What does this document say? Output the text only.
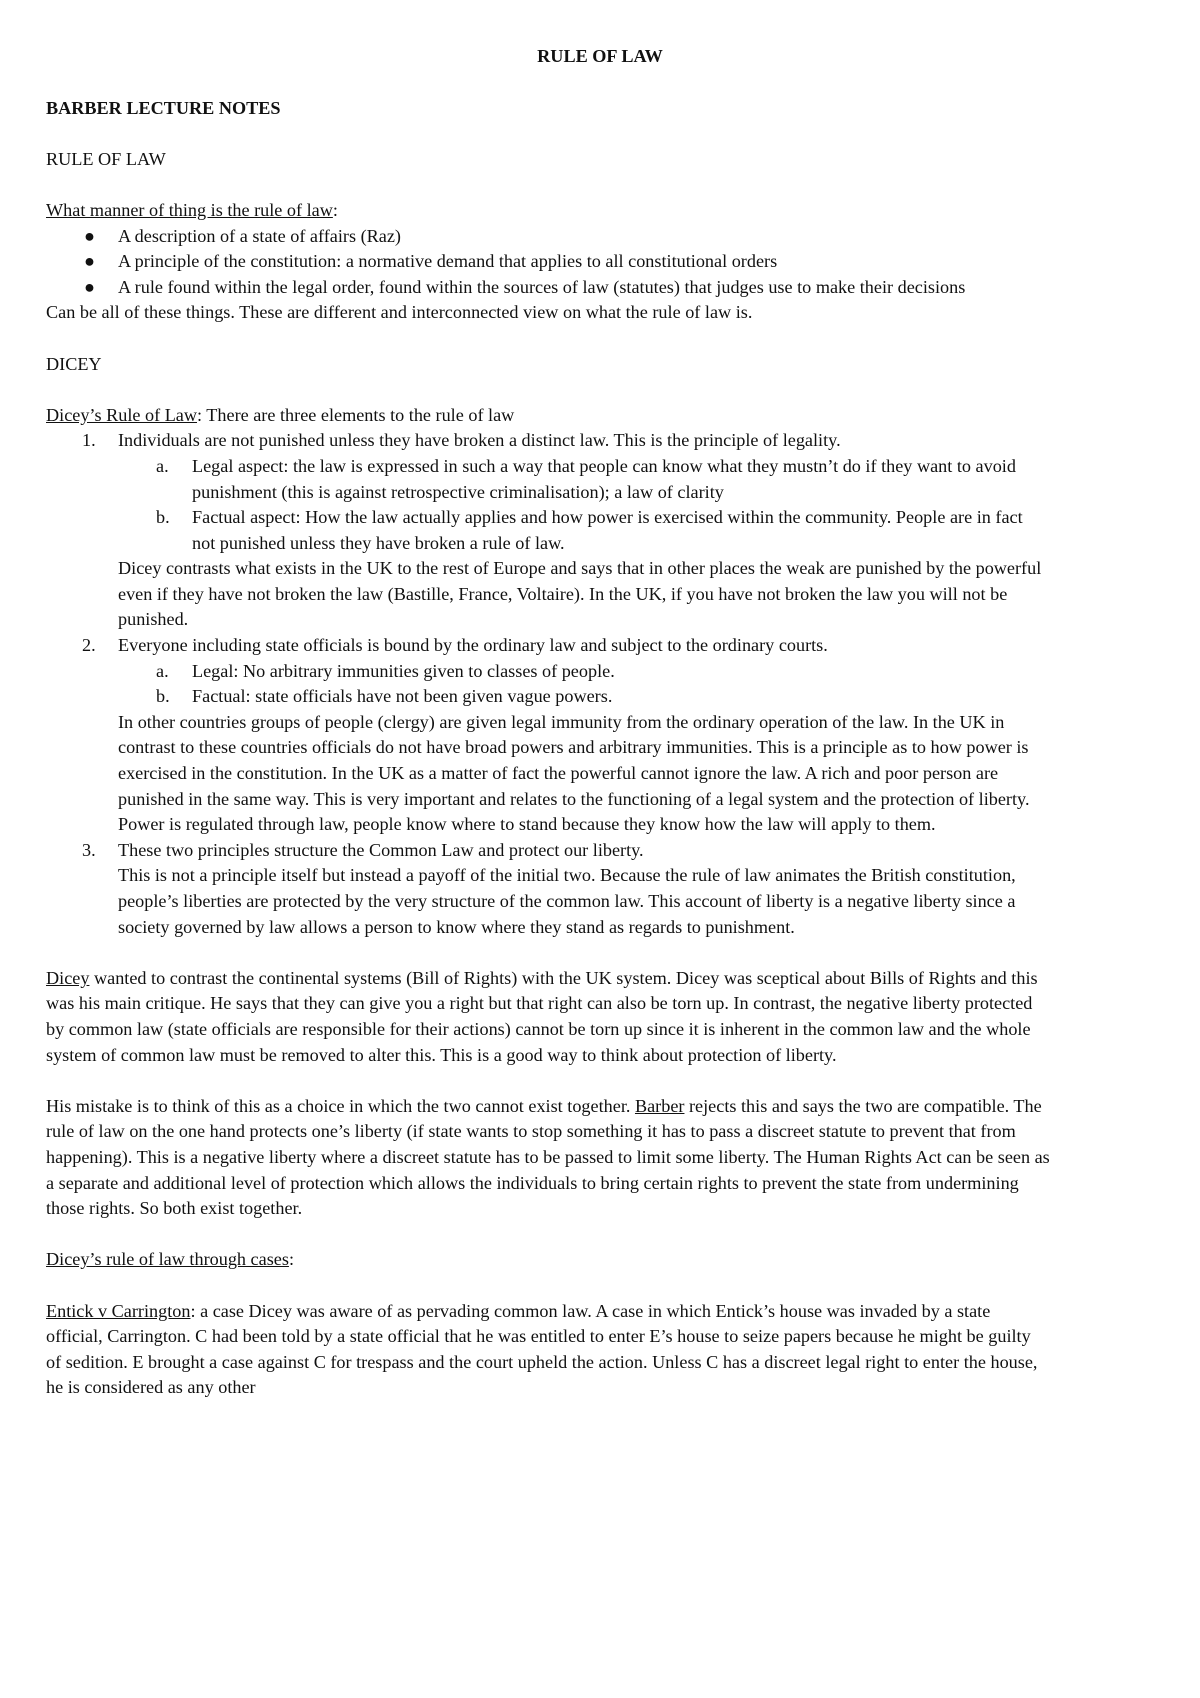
RULE OF LAW

BARBER LECTURE NOTES

RULE OF LAW

What manner of thing is the rule of law:

● A description of a state of affairs (Raz)
● A principle of the constitution: a normative demand that applies to all constitutional orders
● A rule found within the legal order, found within the sources of law (statutes) that judges use to make their decisions

Can be all of these things. These are different and interconnected view on what the rule of law is.

DICEY

Dicey’s Rule of Law: There are three elements to the rule of law

1. Individuals are not punished unless they have broken a distinct law. This is the principle of legality.
a. Legal aspect: the law is expressed in such a way that people can know what they mustn’t do if they want to avoid punishment (this is against retrospective criminalisation); a law of clarity
b. Factual aspect: How the law actually applies and how power is exercised within the community. People are in fact not punished unless they have broken a rule of law.

Dicey contrasts what exists in the UK to the rest of Europe and says that in other places the weak are punished by the powerful even if they have not broken the law (Bastille, France, Voltaire). In the UK, if you have not broken the law you will not be punished.

2. Everyone including state officials is bound by the ordinary law and subject to the ordinary courts.
a. Legal: No arbitrary immunities given to classes of people.
b. Factual: state officials have not been given vague powers.

In other countries groups of people (clergy) are given legal immunity from the ordinary operation of the law. In the UK in contrast to these countries officials do not have broad powers and arbitrary immunities. This is a principle as to how power is exercised in the constitution. In the UK as a matter of fact the powerful cannot ignore the law. A rich and poor person are punished in the same way. This is very important and relates to the functioning of a legal system and the protection of liberty. Power is regulated through law, people know where to stand because they know how the law will apply to them.

3. These two principles structure the Common Law and protect our liberty.

This is not a principle itself but instead a payoff of the initial two. Because the rule of law animates the British constitution, people’s liberties are protected by the very structure of the common law. This account of liberty is a negative liberty since a society governed by law allows a person to know where they stand as regards to punishment.

Dicey wanted to contrast the continental systems (Bill of Rights) with the UK system. Dicey was sceptical about Bills of Rights and this was his main critique. He says that they can give you a right but that right can also be torn up. In contrast, the negative liberty protected by common law (state officials are responsible for their actions) cannot be torn up since it is inherent in the common law and the whole system of common law must be removed to alter this. This is a good way to think about protection of liberty.

His mistake is to think of this as a choice in which the two cannot exist together. Barber rejects this and says the two are compatible. The rule of law on the one hand protects one’s liberty (if state wants to stop something it has to pass a discreet statute to prevent that from happening). This is a negative liberty where a discreet statute has to be passed to limit some liberty. The Human Rights Act can be seen as a separate and additional level of protection which allows the individuals to bring certain rights to prevent the state from undermining those rights. So both exist together.

Dicey’s rule of law through cases:

Entick v Carrington: a case Dicey was aware of as pervading common law. A case in which Entick’s house was invaded by a state official, Carrington. C had been told by a state official that he was entitled to enter E’s house to seize papers because he might be guilty of sedition. E brought a case against C for trespass and the court upheld the action. Unless C has a discreet legal right to enter the house, he is considered as any other
